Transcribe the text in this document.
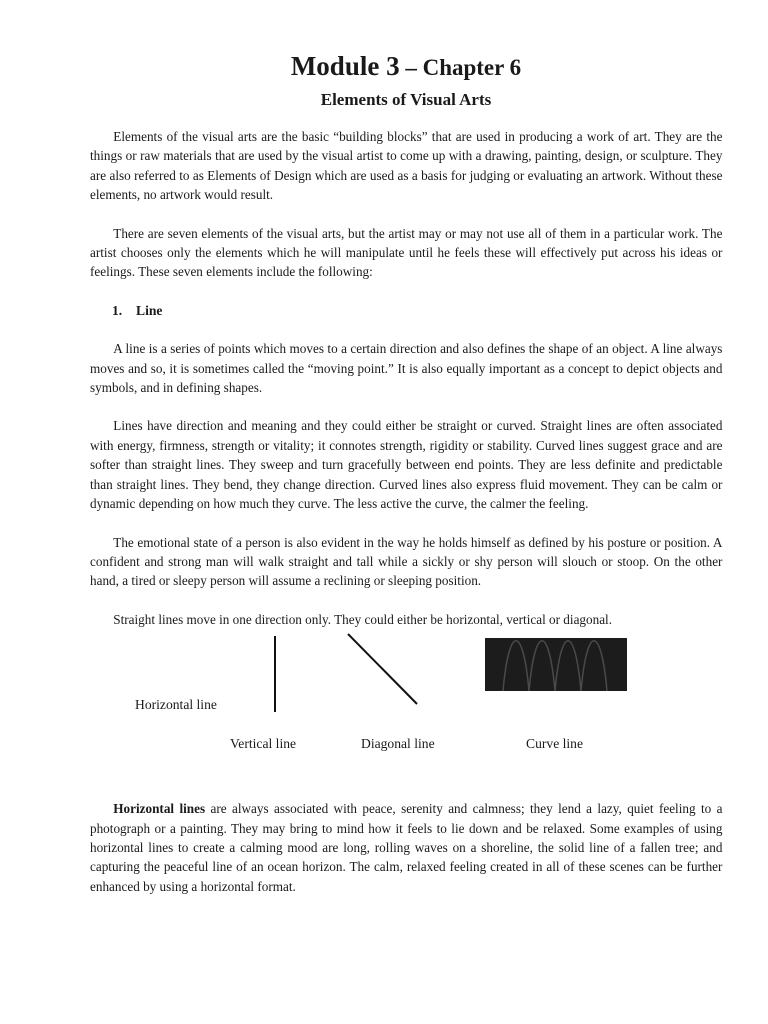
Module 3 – Chapter 6
Elements of Visual Arts

Elements of the visual arts are the basic “building blocks” that are used in producing a work of art. They are the things or raw materials that are used by the visual artist to come up with a drawing, painting, design, or sculpture. They are also referred to as Elements of Design which are used as a basis for judging or evaluating an artwork. Without these elements, no artwork would result.

There are seven elements of the visual arts, but the artist may or may not use all of them in a particular work. The artist chooses only the elements which he will manipulate until he feels these will effectively put across his ideas or feelings. These seven elements include the following:

1. Line

A line is a series of points which moves to a certain direction and also defines the shape of an object. A line always moves and so, it is sometimes called the “moving point.” It is also equally important as a concept to depict objects and symbols, and in defining shapes.

Lines have direction and meaning and they could either be straight or curved. Straight lines are often associated with energy, firmness, strength or vitality; it connotes strength, rigidity or stability. Curved lines suggest grace and are softer than straight lines. They sweep and turn gracefully between end points. They are less definite and predictable than straight lines. They bend, they change direction. Curved lines also express fluid movement. They can be calm or dynamic depending on how much they curve. The less active the curve, the calmer the feeling.

The emotional state of a person is also evident in the way he holds himself as defined by his posture or position. A confident and strong man will walk straight and tall while a sickly or shy person will slouch or stoop. On the other hand, a tired or sleepy person will assume a reclining or sleeping position.

Straight lines move in one direction only. They could either be horizontal, vertical or diagonal.

Horizontal line
Vertical line	Diagonal line	Curve line

Horizontal lines are always associated with peace, serenity and calmness; they lend a lazy, quiet feeling to a photograph or a painting. They may bring to mind how it feels to lie down and be relaxed. Some examples of using horizontal lines to create a calming mood are long, rolling waves on a shoreline, the solid line of a fallen tree; and capturing the peaceful line of an ocean horizon. The calm, relaxed feeling created in all of these scenes can be further enhanced by using a horizontal format.
